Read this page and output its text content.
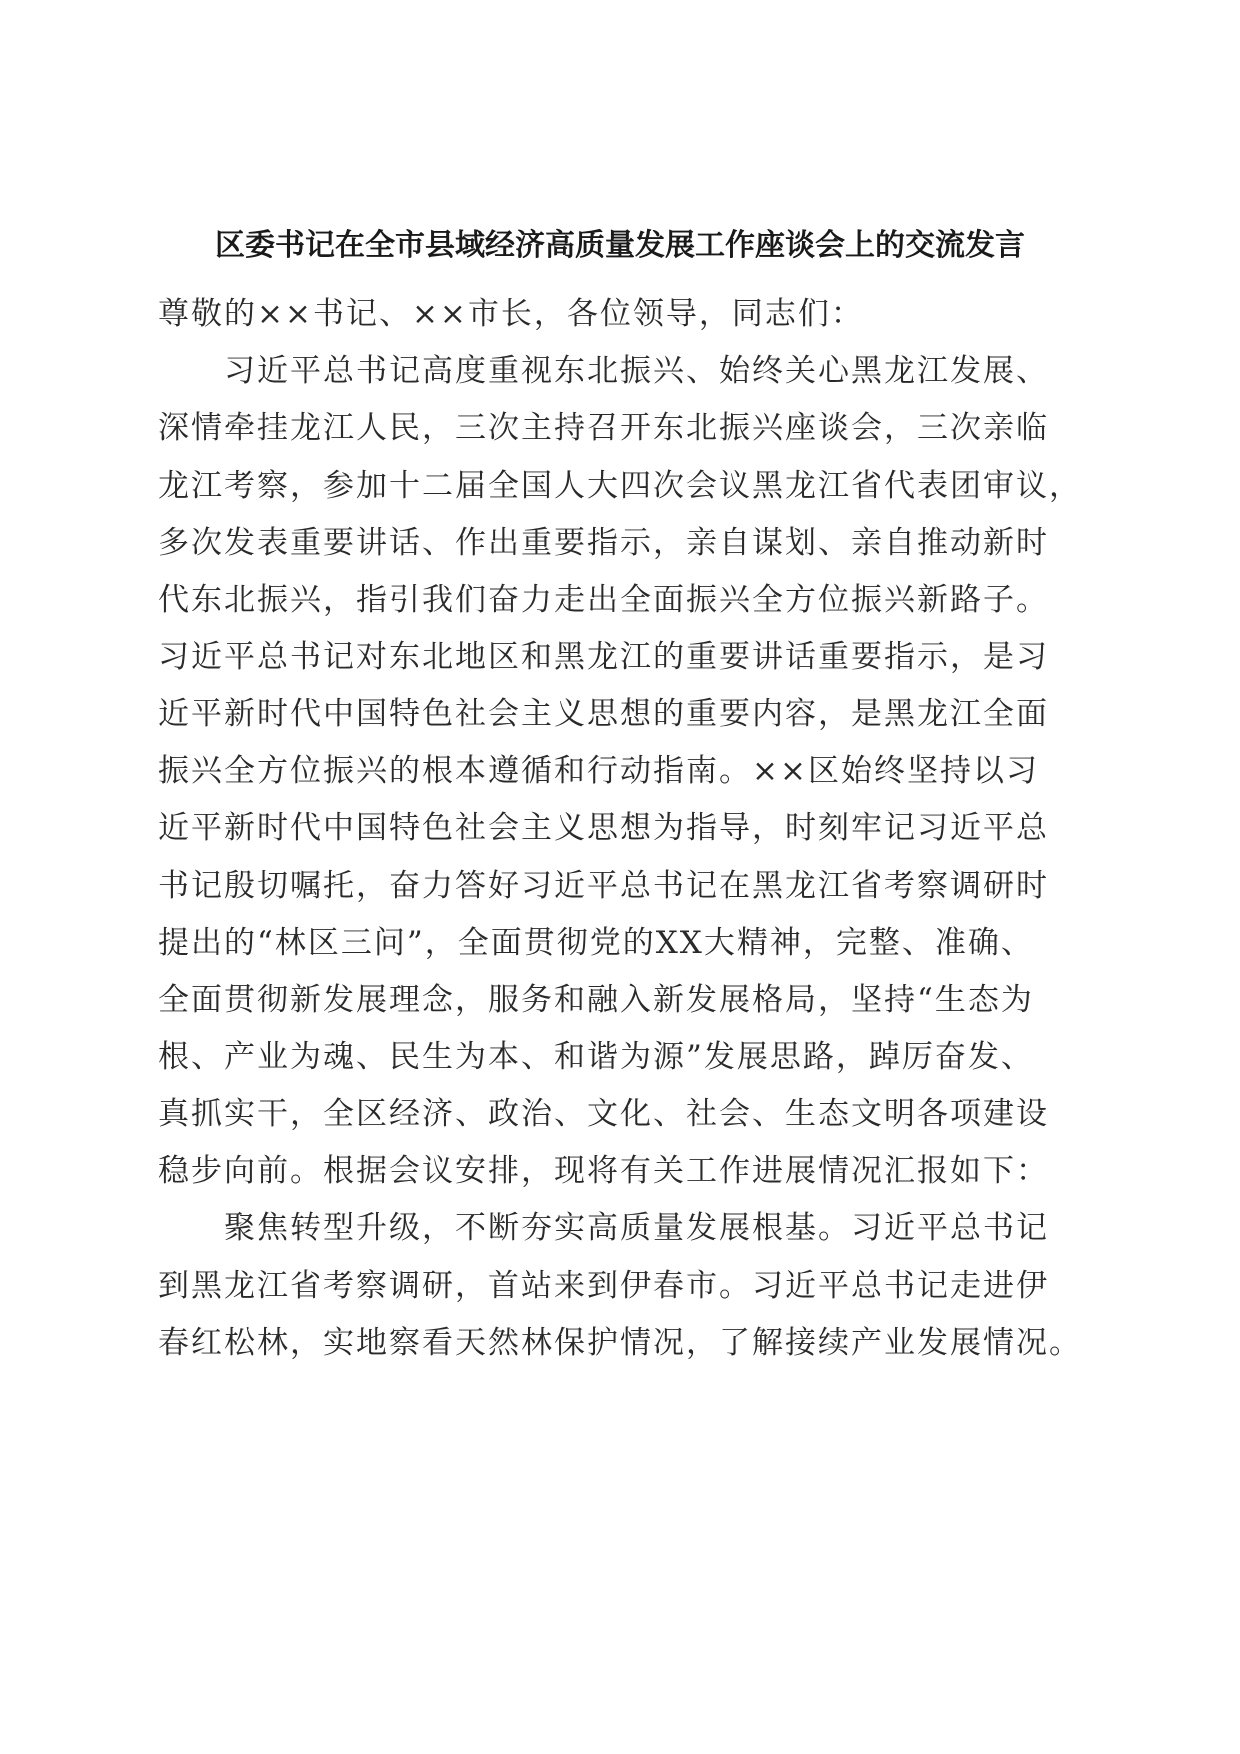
区委书记在全市县域经济高质量发展工作座谈会上的交流发言
尊敬的××书记、××市长，各位领导，同志们：
习近平总书记高度重视东北振兴、始终关心黑龙江发展、
深情牵挂龙江人民，三次主持召开东北振兴座谈会，三次亲临
龙江考察，参加十二届全国人大四次会议黑龙江省代表团审议，
多次发表重要讲话、作出重要指示，亲自谋划、亲自推动新时
代东北振兴，指引我们奋力走出全面振兴全方位振兴新路子。
习近平总书记对东北地区和黑龙江的重要讲话重要指示，是习
近平新时代中国特色社会主义思想的重要内容，是黑龙江全面
振兴全方位振兴的根本遵循和行动指南。××区始终坚持以习
近平新时代中国特色社会主义思想为指导，时刻牢记习近平总
书记殷切嘱托，奋力答好习近平总书记在黑龙江省考察调研时
提出的“林区三问”，全面贯彻党的XX大精神，完整、准确、
全面贯彻新发展理念，服务和融入新发展格局，坚持“生态为
根、产业为魂、民生为本、和谐为源”发展思路，踔厉奋发、
真抓实干，全区经济、政治、文化、社会、生态文明各项建设
稳步向前。根据会议安排，现将有关工作进展情况汇报如下：
聚焦转型升级，不断夯实高质量发展根基。习近平总书记
到黑龙江省考察调研，首站来到伊春市。习近平总书记走进伊
春红松林，实地察看天然林保护情况，了解接续产业发展情况。
